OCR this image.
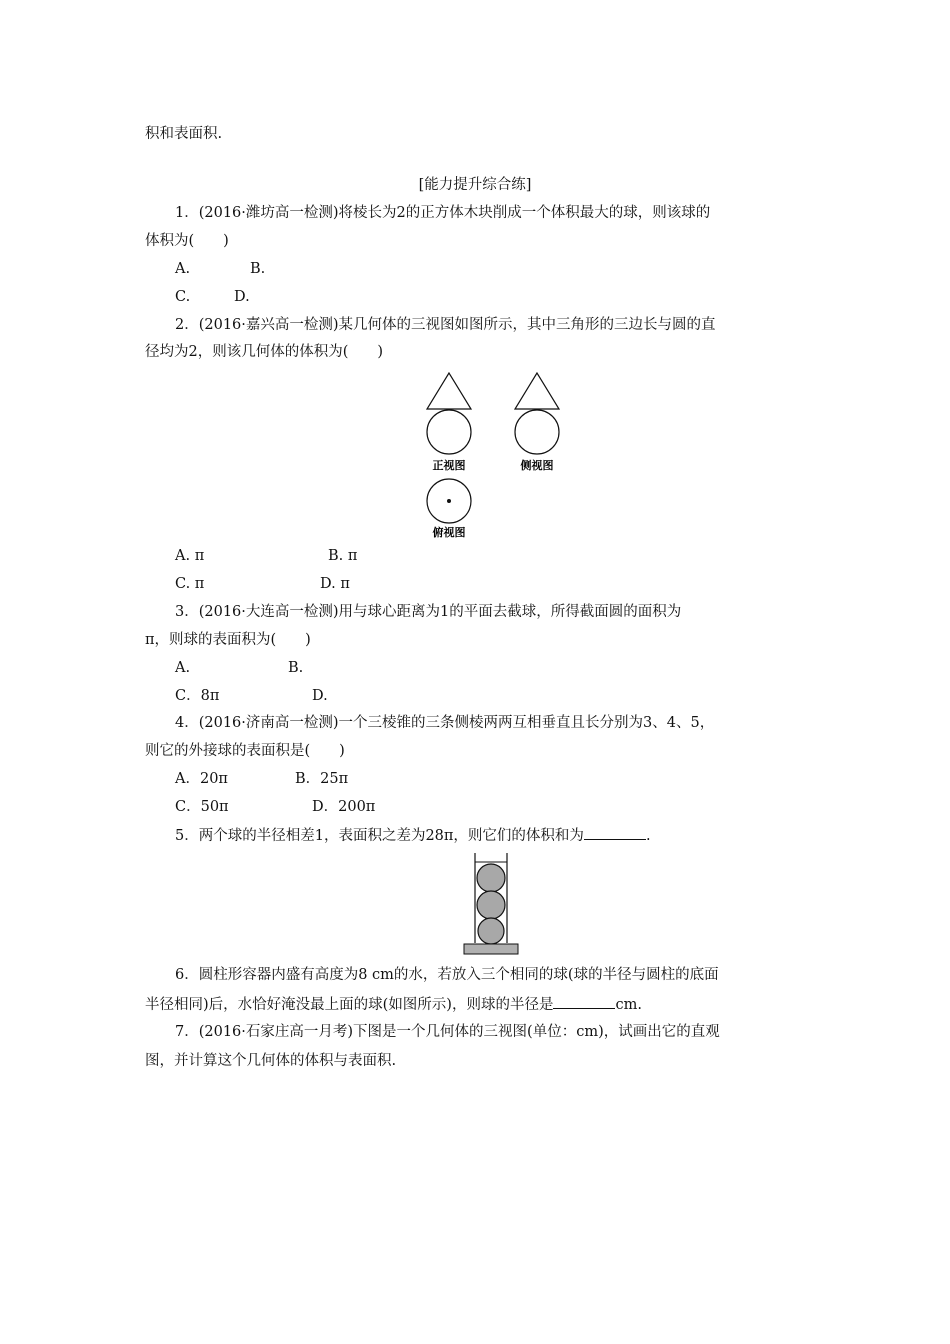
积和表面积.
[能力提升综合练]
1．(2016·潍坊高一检测)将棱长为2的正方体木块削成一个体积最大的球，则该球的
体积为(　　)
A.	B.
C.	D.
2．(2016·嘉兴高一检测)某几何体的三视图如图所示，其中三角形的三边长与圆的直
径均为2，则该几何体的体积为(　　)
正视图	侧视图
俯视图
A. π	B. π
C. π	D. π
3．(2016·大连高一检测)用与球心距离为1的平面去截球，所得截面圆的面积为
π，则球的表面积为(　　)
A.	B.
C．8π	D.
4．(2016·济南高一检测)一个三棱锥的三条侧棱两两互相垂直且长分别为3、4、5，
则它的外接球的表面积是(　　)
A．20π	B．25π
C．50π	D．200π
5．两个球的半径相差1，表面积之差为28π，则它们的体积和为	.
6．圆柱形容器内盛有高度为8 cm的水，若放入三个相同的球(球的半径与圆柱的底面
半径相同)后，水恰好淹没最上面的球(如图所示)，则球的半径是	cm.
7．(2016·石家庄高一月考)下图是一个几何体的三视图(单位：cm)，试画出它的直观
图，并计算这个几何体的体积与表面积.
